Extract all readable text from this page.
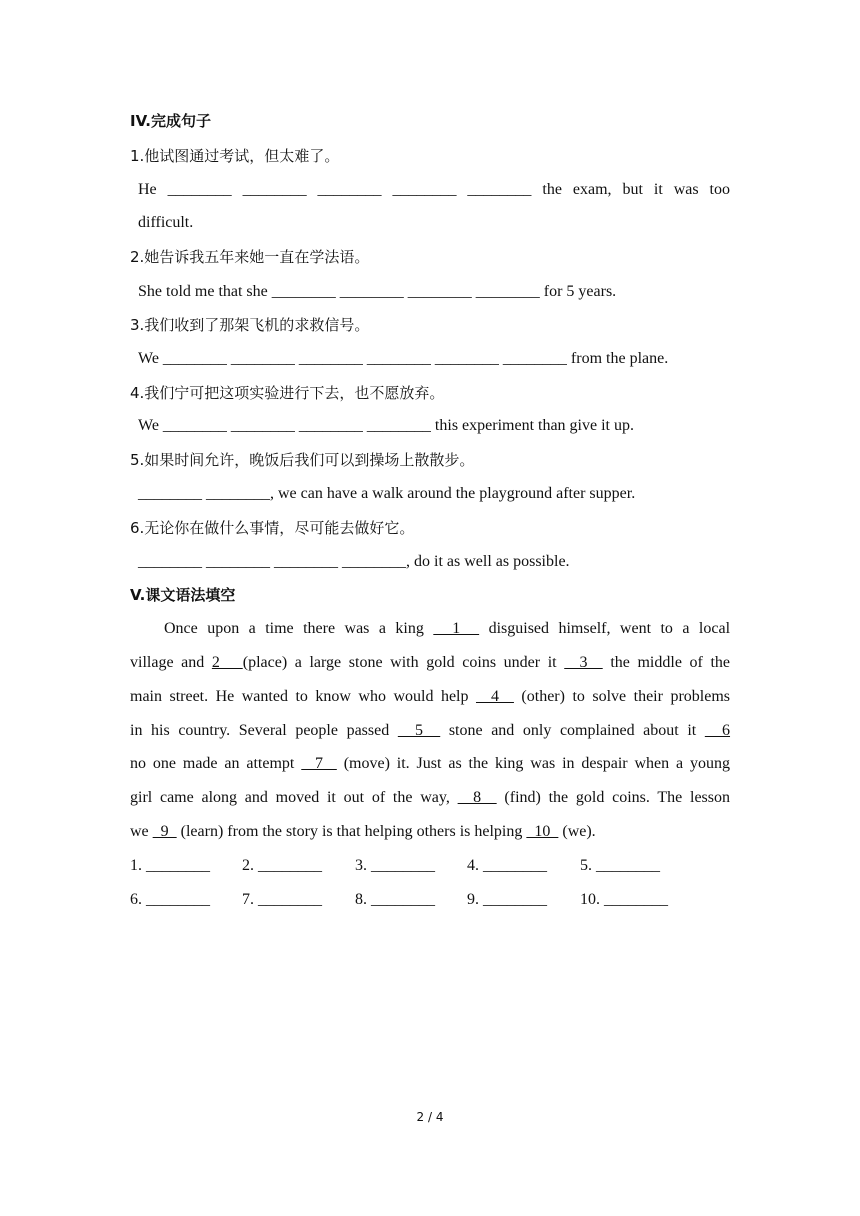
IV.完成句子
1.他试图通过考试，但太难了。
He ________ ________ ________ ________ ________ the exam, but it was too
difficult.
2.她告诉我五年来她一直在学法语。
She told me that she ________ ________ ________ ________ for 5 years.
3.我们收到了那架飞机的求救信号。
We ________ ________ ________ ________ ________ ________ from the plane.
4.我们宁可把这项实验进行下去，也不愿放弃。
We ________ ________ ________ ________ this experiment than give it up.
5.如果时间允许，晚饭后我们可以到操场上散散步。
________ ________, we can have a walk around the playground after supper.
6.无论你在做什么事情，尽可能去做好它。
________ ________ ________ ________, do it as well as possible.
V.课文语法填空
Once upon a time there was a king   1   disguised himself, went to a local
village and 2   (place) a large stone with gold coins under it   3   the middle of the
main street. He wanted to know who would help   4   (other) to solve their problems
in his country. Several people passed   5   stone and only complained about it   6
no one made an attempt   7   (move) it. Just as the king was in despair when a young
girl came along and moved it out of the way,   8   (find) the gold coins. The lesson
we   9   (learn) from the story is that helping others is helping   10   (we).
1. ________ 2. ________ 3. ________ 4. ________ 5. ________
6. ________ 7. ________ 8. ________ 9. ________ 10. ________
2 / 4
